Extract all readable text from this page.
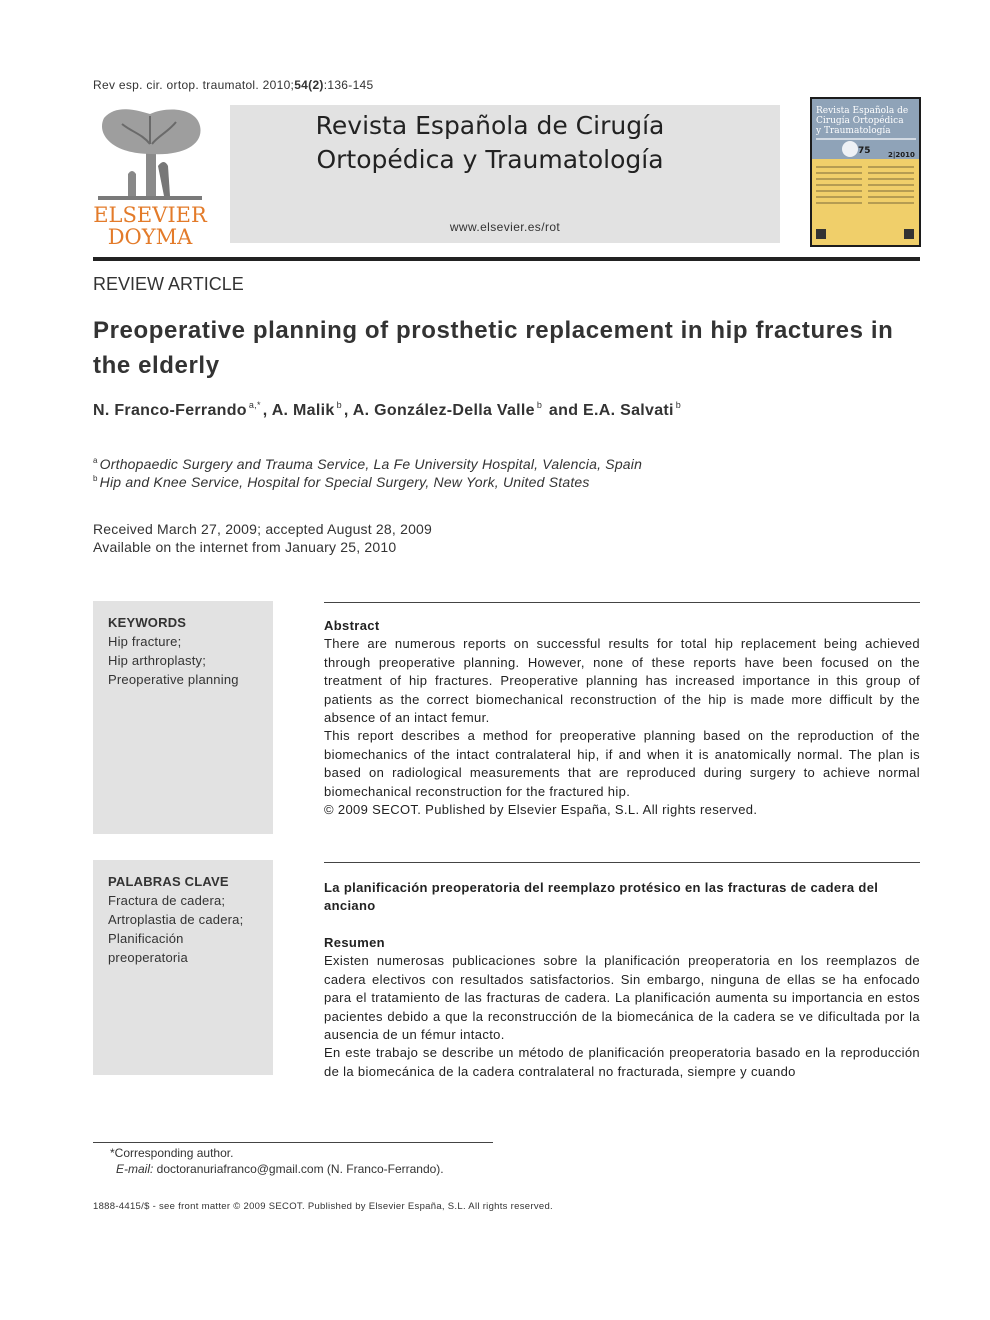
Rev esp. cir. ortop. traumatol. 2010;54(2):136-145
ELSEVIER
DOYMA
Revista Española de Cirugía
Ortopédica y Traumatología
www.elsevier.es/rot
Revista Española de
Cirugía Ortopédica
y Traumatología
75 2|2010
REVIEW ARTICLE
Preoperative planning of prosthetic replacement in hip fractures in the elderly
N. Franco-Ferrando $^{a,*}$ , A. Malik $^b$ , A. González-Della Valle $^b$ and E.A. Salvati $^b$
$^a$ Orthopaedic Surgery and Trauma Service, La Fe University Hospital, Valencia, Spain
$^b$ Hip and Knee Service, Hospital for Special Surgery, New York, United States
Received March 27, 2009; accepted August 28, 2009
Available on the internet from January 25, 2010
KEYWORDS
Hip fracture;
Hip arthroplasty;
Preoperative planning

Abstract

There are numerous reports on successful results for total hip replacement being achieved through preoperative planning. However, none of these reports have been focused on the treatment of hip fractures. Preoperative planning has increased importance in this group of patients as the correct biomechanical reconstruction of the hip is made more difficult by the absence of an intact femur.

This report describes a method for preoperative planning based on the reproduction of the biomechanics of the intact contralateral hip, if and when it is anatomically normal. The plan is based on radiological measurements that are reproduced during surgery to achieve normal biomechanical reconstruction for the fractured hip.

© 2009 SECOT. Published by Elsevier España, S.L. All rights reserved.

PALABRAS CLAVE
Fractura de cadera;
Artroplastia de cadera;
Planificación
preoperatoria

La planificación preoperatoria del reemplazo protésico en las fracturas de cadera del anciano

Resumen

Existen numerosas publicaciones sobre la planificación preoperatoria en los reemplazos de cadera electivos con resultados satisfactorios. Sin embargo, ninguna de ellas se ha enfocado para el tratamiento de las fracturas de cadera. La planificación aumenta su importancia en estos pacientes debido a que la reconstrucción de la biomecánica de la cadera se ve dificultada por la ausencia de un fémur intacto.

En este trabajo se describe un método de planificación preoperatoria basado en la reproducción de la biomecánica de la cadera contralateral no fracturada, siempre y cuando

*Corresponding author.
E-mail: doctoranuriafranco@gmail.com (N. Franco-Ferrando).
1888-4415/$ - see front matter © 2009 SECOT. Published by Elsevier España, S.L. All rights reserved.
